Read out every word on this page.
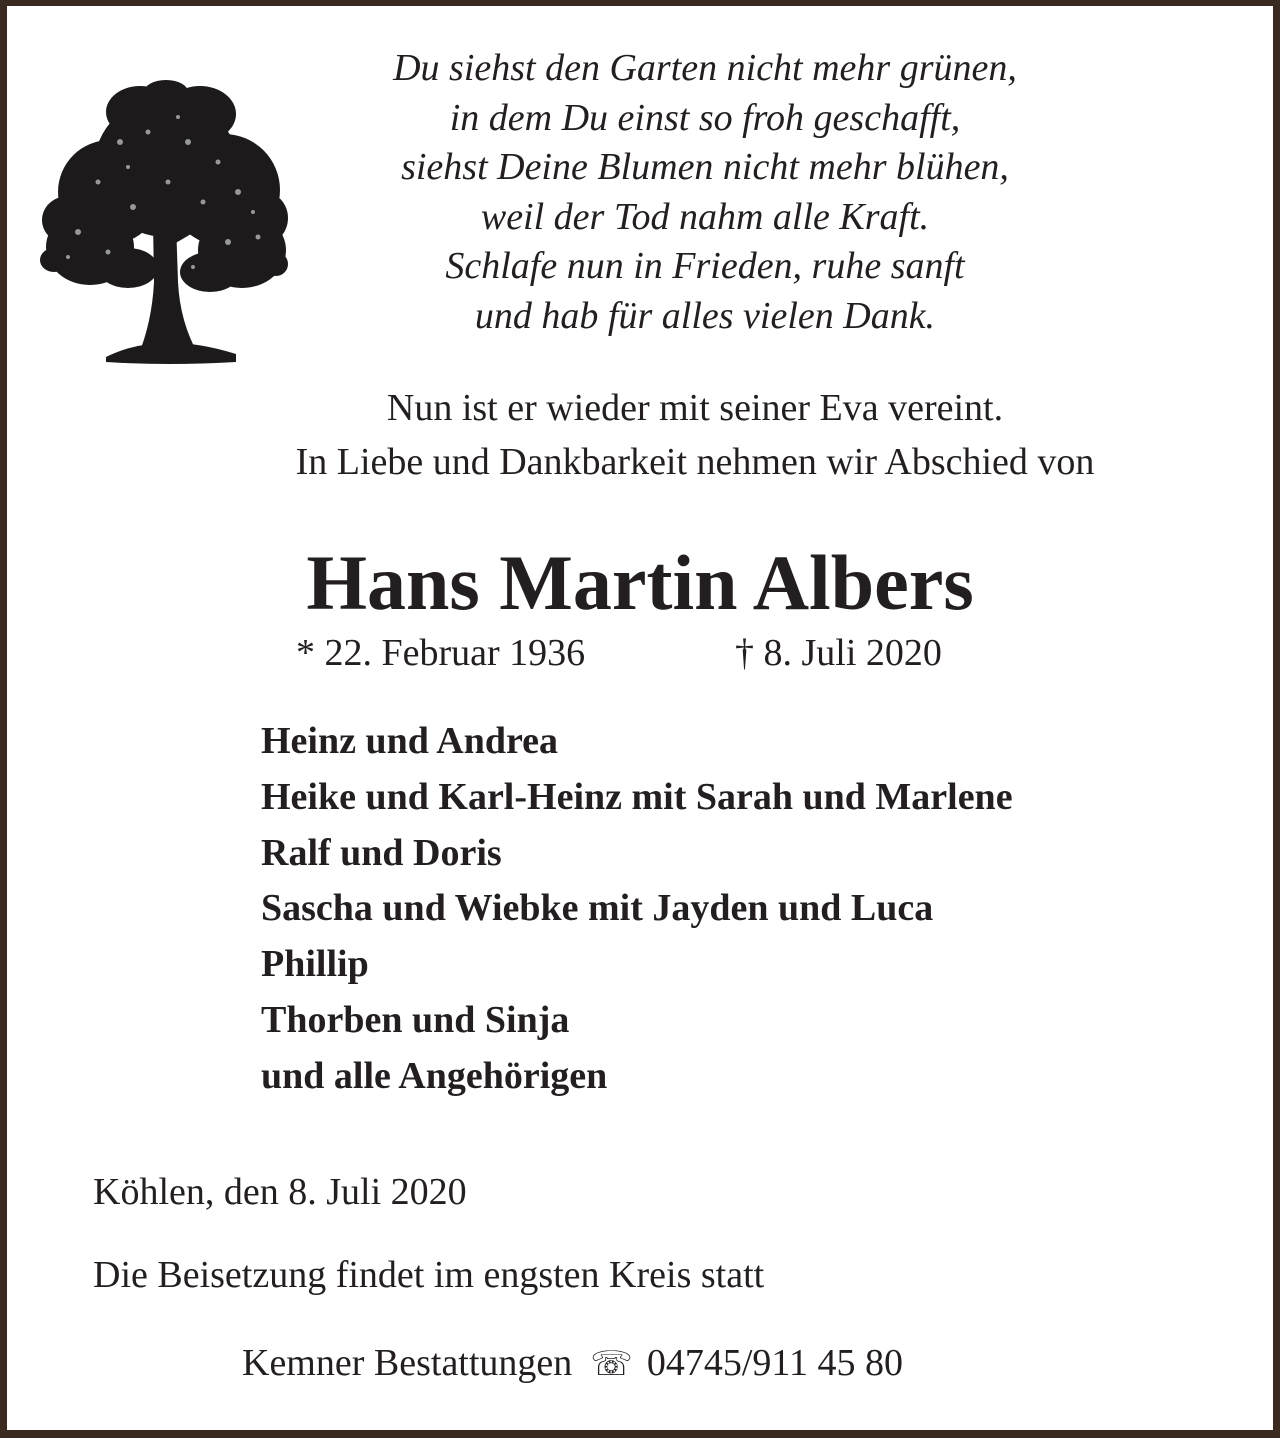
Du siehst den Garten nicht mehr grünen,
in dem Du einst so froh geschafft,
siehst Deine Blumen nicht mehr blühen,
weil der Tod nahm alle Kraft.
Schlafe nun in Frieden, ruhe sanft
und hab für alles vielen Dank.
Nun ist er wieder mit seiner Eva vereint.
In Liebe und Dankbarkeit nehmen wir Abschied von
Hans Martin Albers
* 22. Februar 1936	† 8. Juli 2020
Heinz und Andrea
Heike und Karl-Heinz mit Sarah und Marlene
Ralf und Doris
Sascha und Wiebke mit Jayden und Luca
Phillip
Thorben und Sinja
und alle Angehörigen
Köhlen, den 8. Juli 2020
Die Beisetzung findet im engsten Kreis statt
Kemner Bestattungen ☏ 04745/911 45 80
